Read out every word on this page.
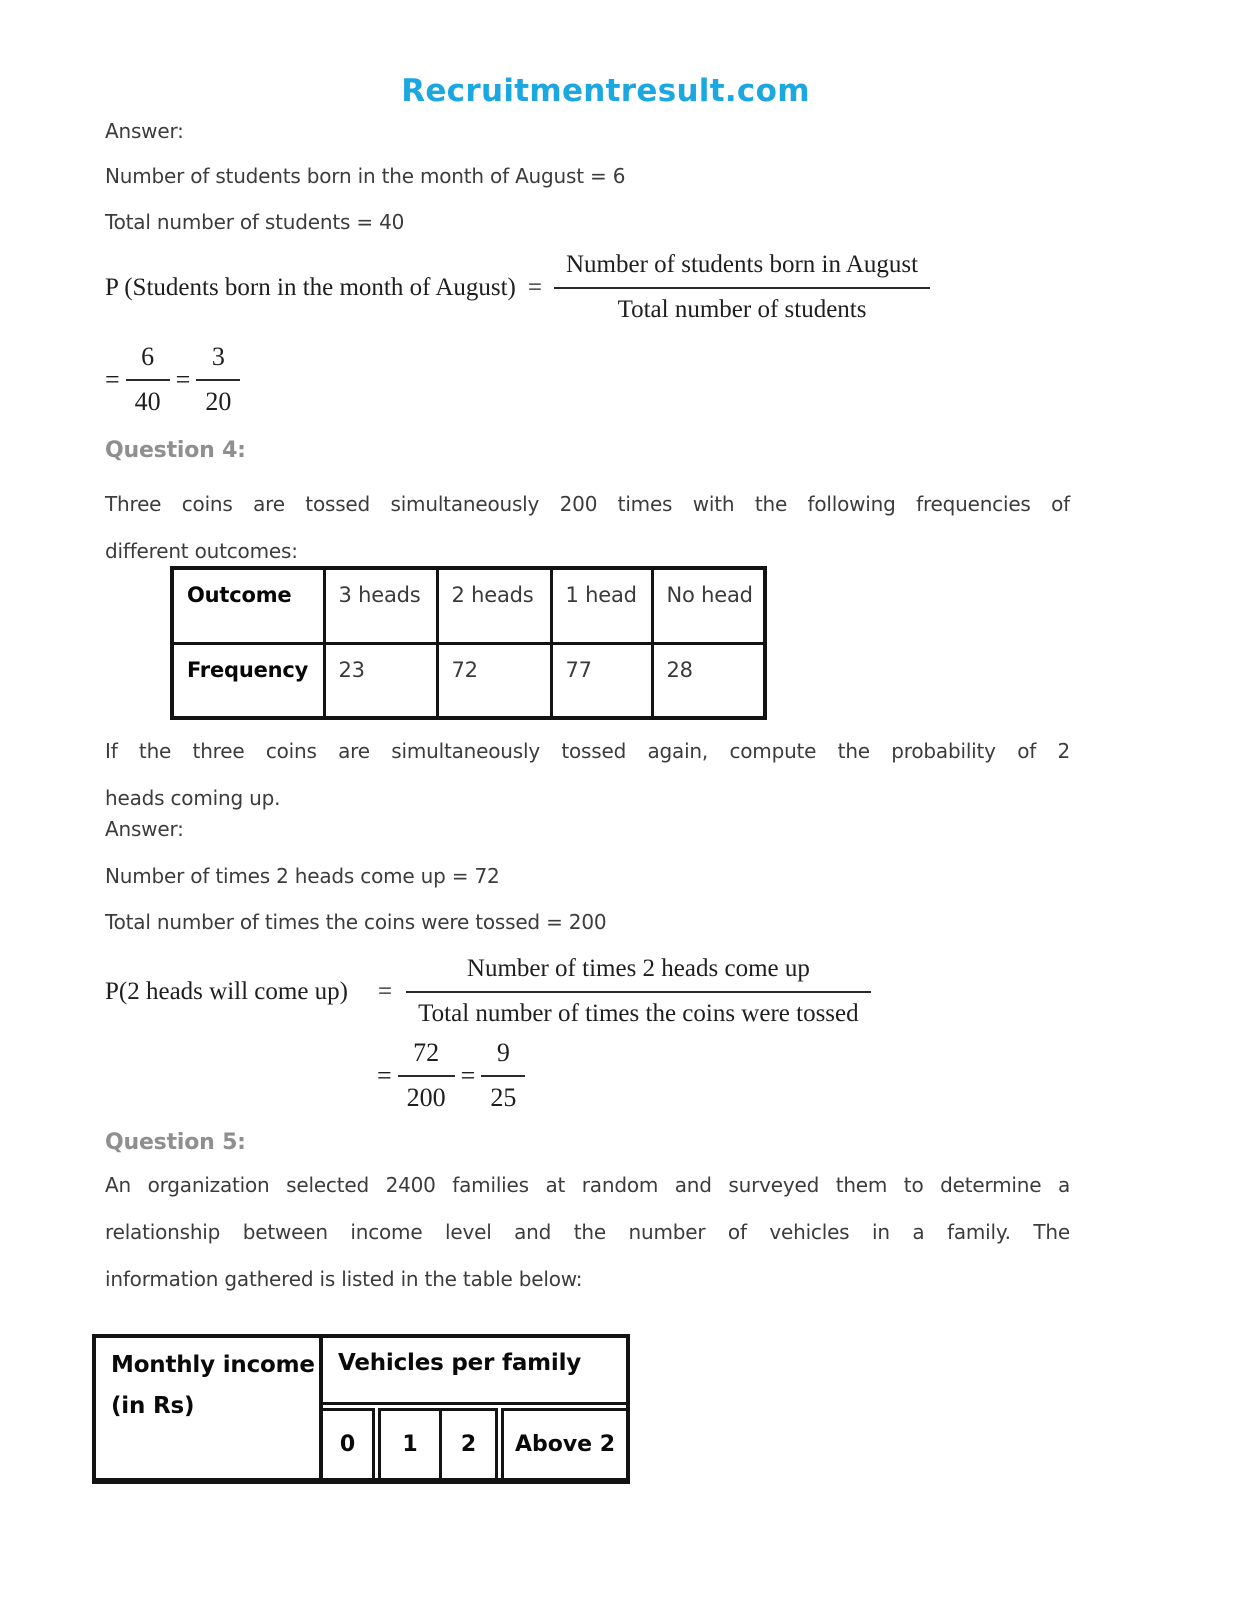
Recruitmentresult.com

Answer:

Number of students born in the month of August = 6

Total number of students = 40

P (Students born in the month of August) =
Number of students born in August
Total number of students
= $\frac{6}{40} = \frac{3}{20}$
Question 4:
Three coins are tossed simultaneously 200 times with the following frequencies of
different outcomes:
Outcome	3 heads	2 heads	1 head	No head
Frequency	23	72	77	28
If the three coins are simultaneously tossed again, compute the probability of 2
heads coming up.

Answer:

Number of times 2 heads come up = 72

Total number of times the coins were tossed = 200

P(2 heads will come up) =
Number of times 2 heads come up
Total number of times the coins were tossed
= $\frac{72}{200} = \frac{9}{25}$
Question 5:
An organization selected 2400 families at random and surveyed them to determine a
relationship between income level and the number of vehicles in a family. The
information gathered is listed in the table below:
Monthly income
(in Rs)
Vehicles per family
0	1	2	Above 2
